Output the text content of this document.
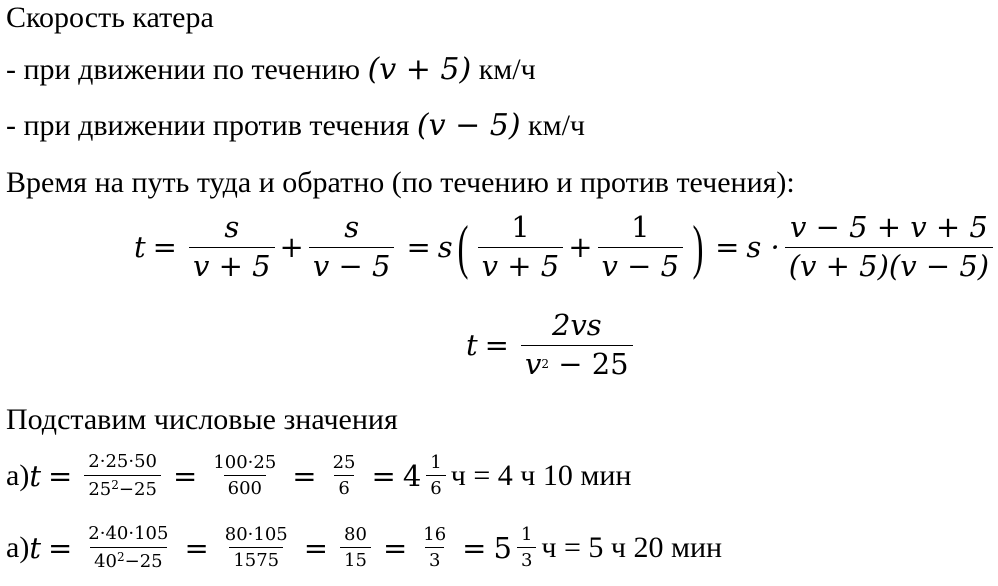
Скорость катера
- при движении по течению (v + 5) км/ч
- при движении против течения (v − 5) км/ч
Время на путь туда и обратно (по течению и против течения):
$t = \frac{s}{v + 5} + \frac{s}{v - 5} = s$ ( $\frac{1}{v + 5} + \frac{1}{v - 5}$ ) = $s \cdot \frac{v - 5 + v + 5}{(v + 5)(v - 5)}$
$t = \frac{2vs}{v^2 - 25}$
Подставим числовые значения
а) $t = \frac{2\cdot 25\cdot 50}{25^2-25} = \frac{100\cdot 25}{600} = \frac{25}{6} = 4 \frac{1}{6}$ ч = 4 ч 10 мин
а) $t = \frac{2\cdot 40\cdot 105}{40^2-25} = \frac{80\cdot 105}{1575} = \frac{80}{15} = \frac{16}{3} = 5 \frac{1}{3}$ ч = 5 ч 20 мин
